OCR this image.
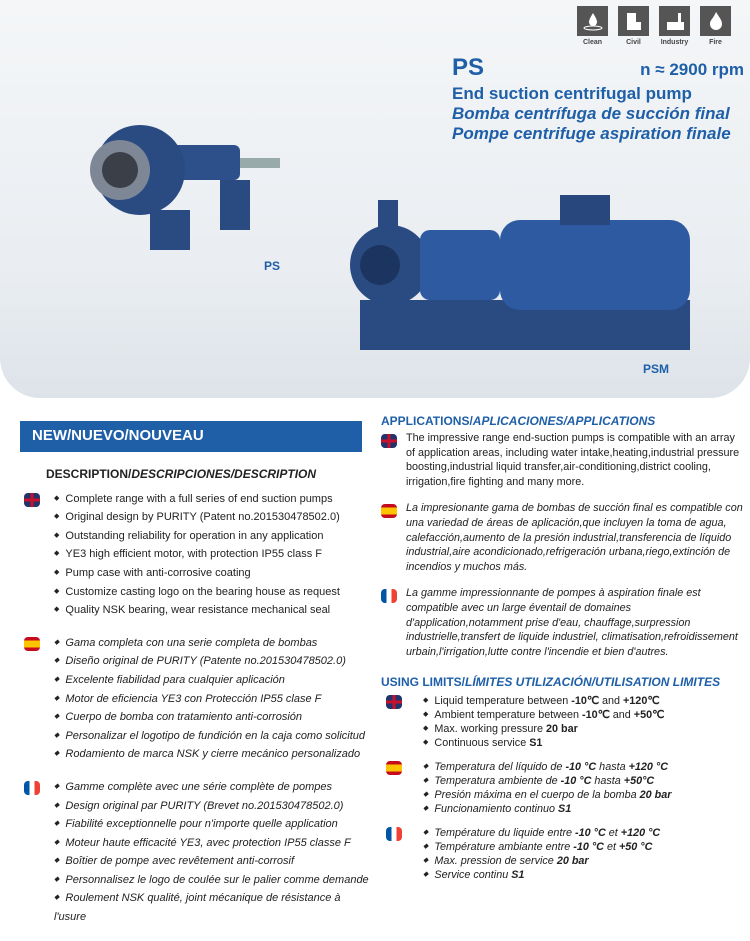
Clean	Civil	Industry	Fire
PS	n ≈ 2900 rpm
End suction centrifugal pump
Bomba centrífuga de succión final
Pompe centrifuge aspiration finale
PS
PSM
NEW/NUEVO/NOUVEAU
DESCRIPTION/DESCRIPCIONES/DESCRIPTION
◆ Complete range with a full series of end suction pumps
◆ Original design by PURITY (Patent no.201530478502.0)
◆ Outstanding reliability for operation in any application
◆ YE3 high efficient motor, with protection IP55 class F
◆ Pump case with anti-corrosive coating
◆ Customize casting logo on the bearing house as request
◆ Quality NSK bearing, wear resistance mechanical seal
◆ Gama completa con una serie completa de bombas
◆ Diseño original de PURITY (Patente no.201530478502.0)
◆ Excelente fiabilidad para cualquier aplicación
◆ Motor de eficiencia YE3 con Protección IP55 clase F
◆ Cuerpo de bomba con tratamiento anti-corrosión
◆ Personalizar el logotipo de fundición en la caja como solicitud
◆ Rodamiento de marca NSK y cierre mecánico personalizado
◆ Gamme complète avec une série complète de pompes
◆ Design original par PURITY (Brevet no.201530478502.0)
◆ Fiabilité exceptionnelle pour n'importe quelle application
◆ Moteur haute efficacité YE3, avec protection IP55 classe F
◆ Boîtier de pompe avec revêtement anti-corrosif
◆ Personnalisez le logo de coulée sur le palier comme demande
◆ Roulement NSK qualité, joint mécanique de résistance à l'usure
APPLICATIONS/APLICACIONES/APPLICATIONS
The impressive range end-suction pumps is compatible with an array of application areas, including water intake,heating,industrial pressure boosting,industrial liquid transfer,air-conditioning,district cooling, irrigation,fire fighting and many more.
La impresionante gama de bombas de succión final es compatible con una variedad de áreas de aplicación,que incluyen la toma de agua, calefacción,aumento de la presión industrial,transferencia de líquido industrial,aire acondicionado,refrigeración urbana,riego,extinción de incendios y muchos más.
La gamme impressionnante de pompes à aspiration finale est compatible avec un large éventail de domaines d'application,notamment prise d'eau, chauffage,surpression industrielle,transfert de liquide industriel, climatisation,refroidissement urbain,l'irrigation,lutte contre l'incendie et bien d'autres.
USING LIMITS/LÍMITES UTILIZACIÓN/UTILISATION LIMITES
◆ Liquid temperature between -10℃ and +120℃
◆ Ambient temperature between -10℃ and +50℃
◆ Max. working pressure 20 bar
◆ Continuous service S1
◆ Temperatura del líquido de -10 °C hasta +120 °C
◆ Temperatura ambiente de -10 °C hasta +50°C
◆ Presión máxima en el cuerpo de la bomba 20 bar
◆ Funcionamiento continuo S1
◆ Température du liquide entre -10 °C et +120 °C
◆ Température ambiante entre -10 °C et +50 °C
◆ Max. pression de service 20 bar
◆ Service continu S1
